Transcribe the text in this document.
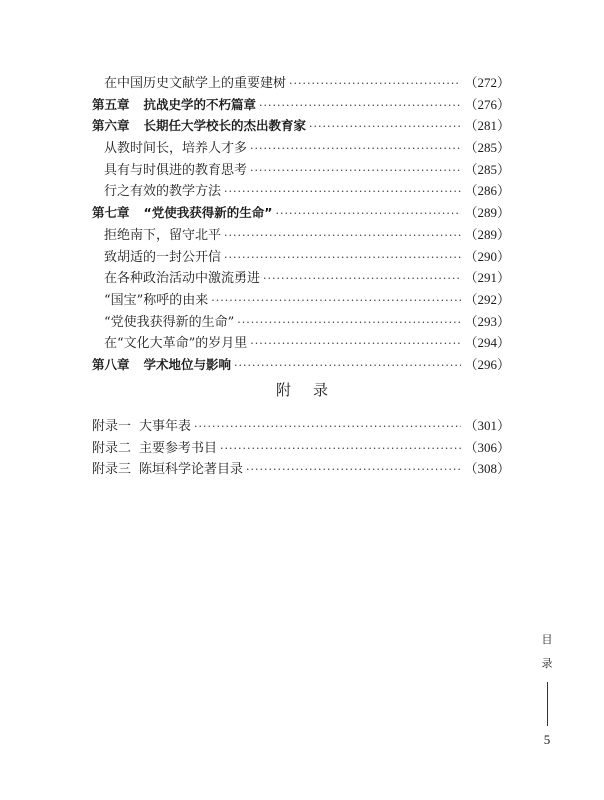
在中国历史文献学上的重要建树 ·····	（272）
第五章 抗战史学的不朽篇章 ·····	（276）
第六章 长期任大学校长的杰出教育家 ·····	（281）
从教时间长，培养人才多 ·····	（285）
具有与时俱进的教育思考 ·····	（285）
行之有效的教学方法 ·····	（286）
第七章 “党使我获得新的生命” ·····	（289）
拒绝南下，留守北平 ·····	（289）
致胡适的一封公开信 ·····	（290）
在各种政治活动中激流勇进 ·····	（291）
“国宝”称呼的由来 ·····	（292）
“党使我获得新的生命” ·····	（293）
在“文化大革命”的岁月里 ·····	（294）
第八章 学术地位与影响 ·····	（296）
附录
附录一 大事年表 ·····	（301）
附录二 主要参考书目 ·····	（306）
附录三 陈垣科学论著目录 ·····	（308）
目
录
5
